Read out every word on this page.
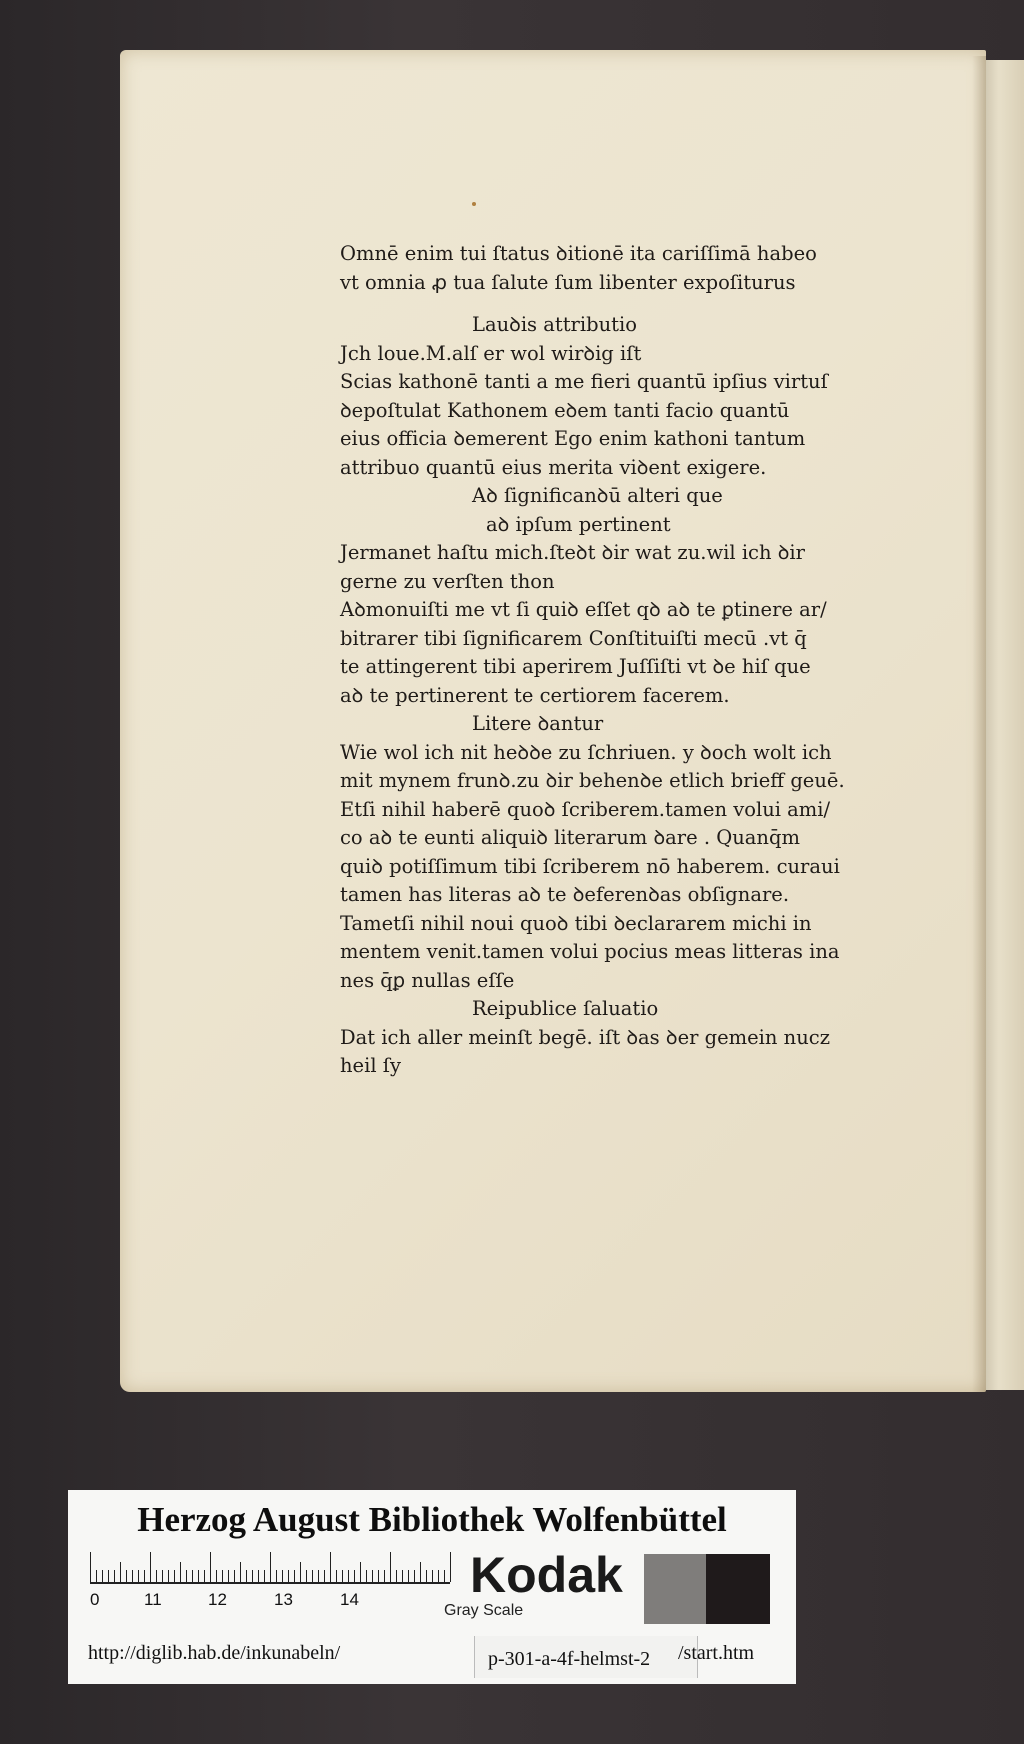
Omnē enim tui ſtatus ꝺitionē ita cariſſimā habeo

vt omnia ꝓ tua ſalute ſum libenter expoſiturus

Lauꝺis attributio

Jch loue.M.alſ er wol wirꝺig iſt

Scias kathonē tanti a me fieri quantū ipſius virtuſ

ꝺepoſtulat Kathonem eꝺem tanti facio quantū

eius officia ꝺemerent Ego enim kathoni tantum

attribuo quantū eius merita viꝺent exigere.

Aꝺ ſignificanꝺū alteri que

aꝺ ipſum pertinent

Jermanet haſtu mich.ſteꝺt ꝺir wat zu.wil ich ꝺir

gerne zu verſten thon

Aꝺmonuiſti me vt ſi quiꝺ eſſet qꝺ aꝺ te ꝑtinere ar/

bitrarer tibi ſignificarem Conſtituiſti mecū .vt q̄

te attingerent tibi aperirem Juſſiſti vt ꝺe hiſ que

aꝺ te pertinerent te certiorem facerem.

Litere ꝺantur

Wie wol ich nit heꝺꝺe zu ſchriuen. y ꝺoch wolt ich

mit mynem frunꝺ.zu ꝺir behenꝺe etlich brieff geuē.

Etſi nihil haberē quoꝺ ſcriberem.tamen volui ami/

co aꝺ te eunti aliquiꝺ literarum ꝺare . Quanq̄m

quiꝺ potiſſimum tibi ſcriberem nō haberem. curaui

tamen has literas aꝺ te ꝺeferenꝺas obſignare.

Tametſi nihil noui quoꝺ tibi ꝺeclararem michi in

mentem venit.tamen volui pocius meas litteras ina

nes q̄ꝑ nullas eſſe

Reipublice ſaluatio

Dat ich aller meinſt begē. iſt ꝺas ꝺer gemein nucz

heil ſy

Herzog August Bibliothek Wolfenbüttel
0	11	12	13	14	Kodak
Gray Scale
http://diglib.hab.de/inkunabeln/	p-301-a-4f-helmst-2 /start.htm
